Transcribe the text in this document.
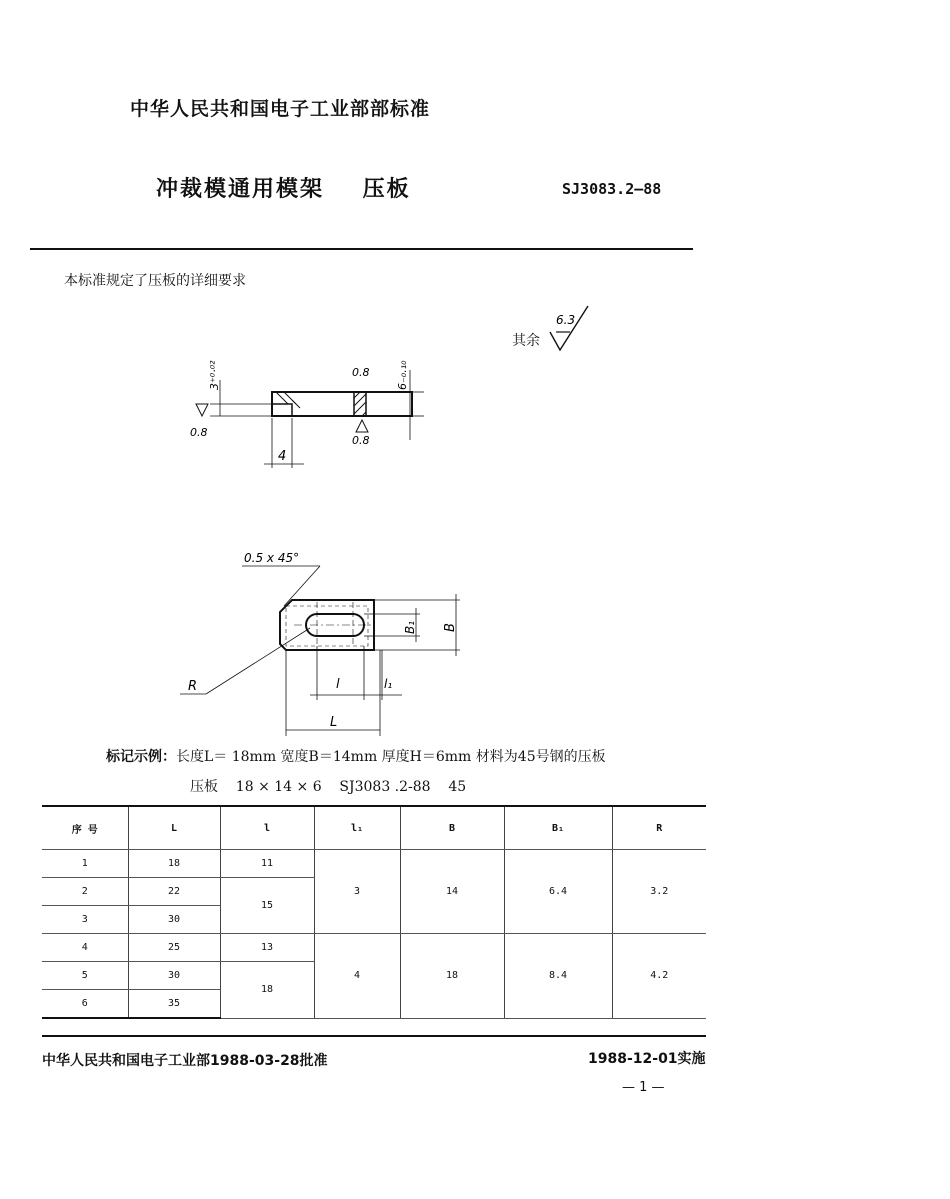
中华人民共和国电子工业部部标准
冲裁模通用模架    压板	SJ3083.2—88
本标准规定了压板的详细要求
其余
6.3
0.8
0.8
0.8
4
3⁺⁰·⁰²	6₋₀.₁₀
0.5 x 45°
R
B₁ B
l	l₁
L
标记示例：长度L＝ 18mm 宽度B＝14mm 厚度H＝6mm 材料为45号钢的压板
压板    18 × 14 × 6    SJ3083 .2-88    45
序 号	L	l	l₁	B	B₁	R
1	18	11	3	14	6.4	3.2
2	22	15				
3	30					
4	25	13	4	18	8.4	4.2
5	30	18				
6	35					
中华人民共和国电子工业部1988-03-28批准	1988-12-01实施
— 1 —
